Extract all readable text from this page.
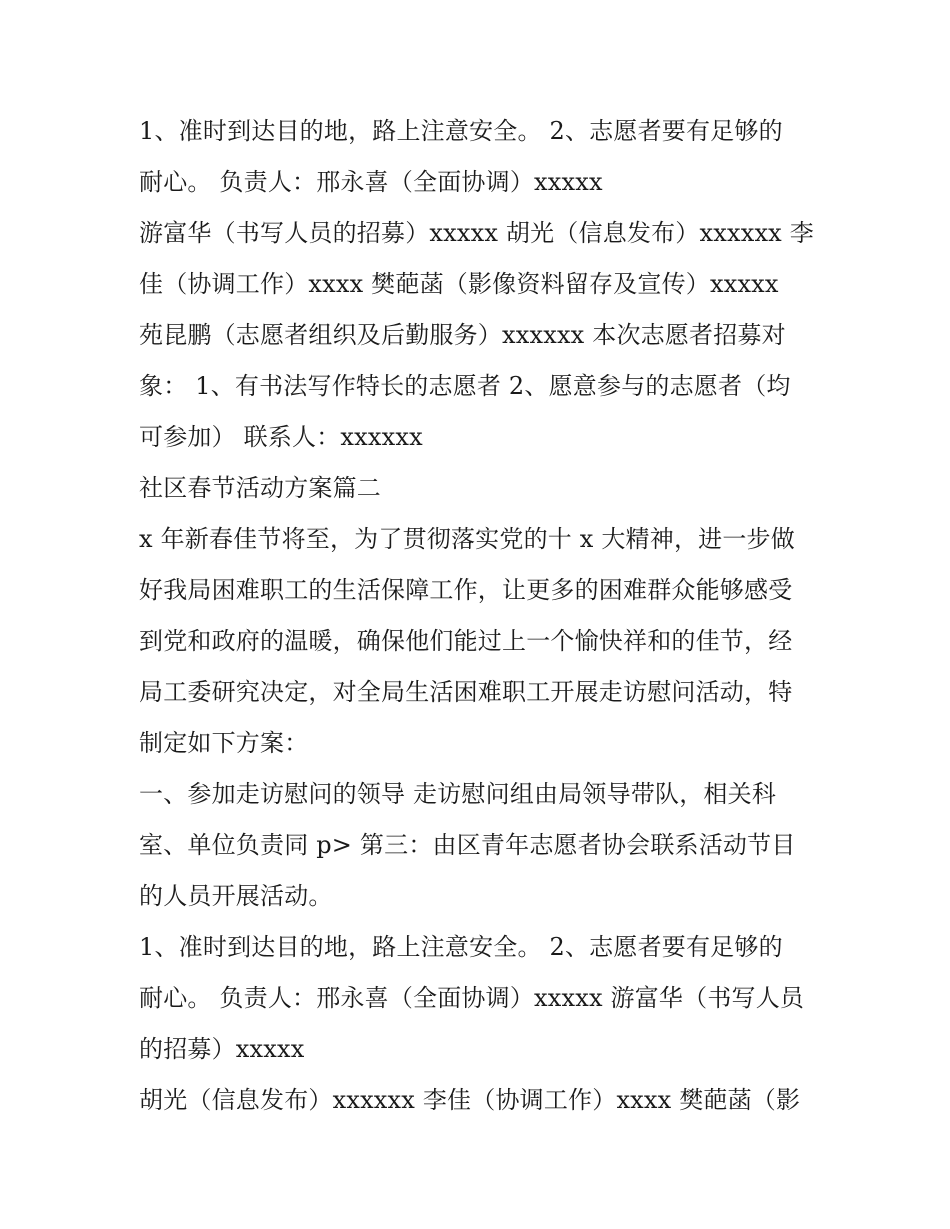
1、准时到达目的地，路上注意安全。 2、志愿者要有足够的
耐心。 负责人：邢永喜（全面协调）xxxxx
游富华（书写人员的招募）xxxxx 胡光（信息发布）xxxxxx 李
佳（协调工作）xxxx 樊葩菡（影像资料留存及宣传）xxxxx
苑昆鹏（志愿者组织及后勤服务）xxxxxx 本次志愿者招募对
象： 1、有书法写作特长的志愿者 2、愿意参与的志愿者（均
可参加） 联系人：xxxxxx
社区春节活动方案篇二
x 年新春佳节将至，为了贯彻落实党的十 x 大精神，进一步做
好我局困难职工的生活保障工作，让更多的困难群众能够感受
到党和政府的温暖，确保他们能过上一个愉快祥和的佳节，经
局工委研究决定，对全局生活困难职工开展走访慰问活动，特
制定如下方案：
一、参加走访慰问的领导 走访慰问组由局领导带队，相关科
室、单位负责同 p> 第三：由区青年志愿者协会联系活动节目
的人员开展活动。
1、准时到达目的地，路上注意安全。 2、志愿者要有足够的
耐心。 负责人：邢永喜（全面协调）xxxxx 游富华（书写人员
的招募）xxxxx
胡光（信息发布）xxxxxx 李佳（协调工作）xxxx 樊葩菡（影
